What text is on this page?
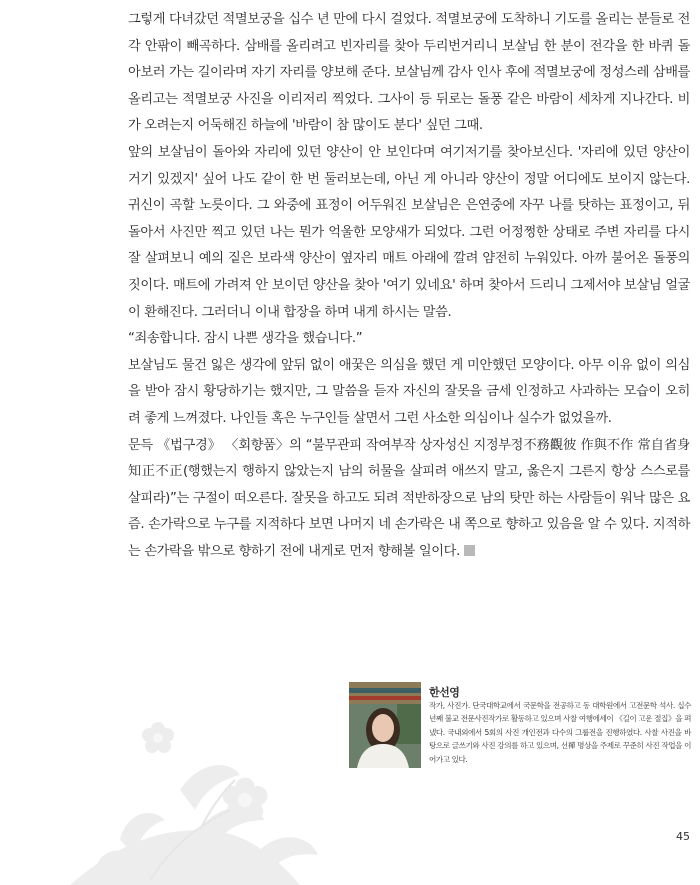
그렇게 다녀갔던 적멸보궁을 십수 년 만에 다시 걸었다. 적멸보궁에 도착하니 기도를 올리는 분들로 전각 안팎이 빼곡하다. 삼배를 올리려고 빈자리를 찾아 두리번거리니 보살님 한 분이 전각을 한 바퀴 돌아보러 가는 길이라며 자기 자리를 양보해 준다. 보살님께 감사 인사 후에 적멸보궁에 정성스레 삼배를 올리고는 적멸보궁 사진을 이리저리 찍었다. 그사이 등 뒤로는 돌풍 같은 바람이 세차게 지나간다. 비가 오려는지 어둑해진 하늘에 '바람이 참 많이도 분다' 싶던 그때.

앞의 보살님이 돌아와 자리에 있던 양산이 안 보인다며 여기저기를 찾아보신다. '자리에 있던 양산이 거기 있겠지' 싶어 나도 같이 한 번 둘러보는데, 아닌 게 아니라 양산이 정말 어디에도 보이지 않는다. 귀신이 곡할 노릇이다. 그 와중에 표정이 어두워진 보살님은 은연중에 자꾸 나를 탓하는 표정이고, 뒤돌아서 사진만 찍고 있던 나는 뭔가 억울한 모양새가 되었다. 그런 어정쩡한 상태로 주변 자리를 다시 잘 살펴보니 예의 짙은 보라색 양산이 옆자리 매트 아래에 깔려 얌전히 누워있다. 아까 불어온 돌풍의 짓이다. 매트에 가려져 안 보이던 양산을 찾아 '여기 있네요' 하며 찾아서 드리니 그제서야 보살님 얼굴이 환해진다. 그러더니 이내 합장을 하며 내게 하시는 말씀.

“죄송합니다. 잠시 나쁜 생각을 했습니다.”

보살님도 물건 잃은 생각에 앞뒤 없이 애꿎은 의심을 했던 게 미안했던 모양이다. 아무 이유 없이 의심을 받아 잠시 황당하기는 했지만, 그 말씀을 듣자 자신의 잘못을 금세 인정하고 사과하는 모습이 오히려 좋게 느껴졌다. 나인들 혹은 누구인들 살면서 그런 사소한 의심이나 실수가 없었을까.

문득 《법구경》 〈회향품〉의 “불무관피 작여부작 상자성신 지정부정不務觀彼 作與不作 常自省身 知正不正(행했는지 행하지 않았는지 남의 허물을 살피려 애쓰지 말고, 옳은지 그른지 항상 스스로를 살피라)”는 구절이 떠오른다. 잘못을 하고도 되려 적반하장으로 남의 탓만 하는 사람들이 워낙 많은 요즘. 손가락으로 누구를 지적하다 보면 나머지 네 손가락은 내 쪽으로 향하고 있음을 알 수 있다. 지적하는 손가락을 밖으로 향하기 전에 내게로 먼저 향해볼 일이다.

한선영
작가, 사진가. 단국대학교에서 국문학을 전공하고 동 대학원에서 고전문학 석사. 십수 년째 불교 전문사진작가로 활동하고 있으며 사찰 여행에세이 《길이 고운 절집》을 펴냈다. 국내외에서 5회의 사진 개인전과 다수의 그룹전을 진행하였다. 사찰 사진을 바탕으로 글쓰기와 사진 강의를 하고 있으며, 선禪 명상을 주제로 꾸준히 사진 작업을 이어가고 있다.
45
